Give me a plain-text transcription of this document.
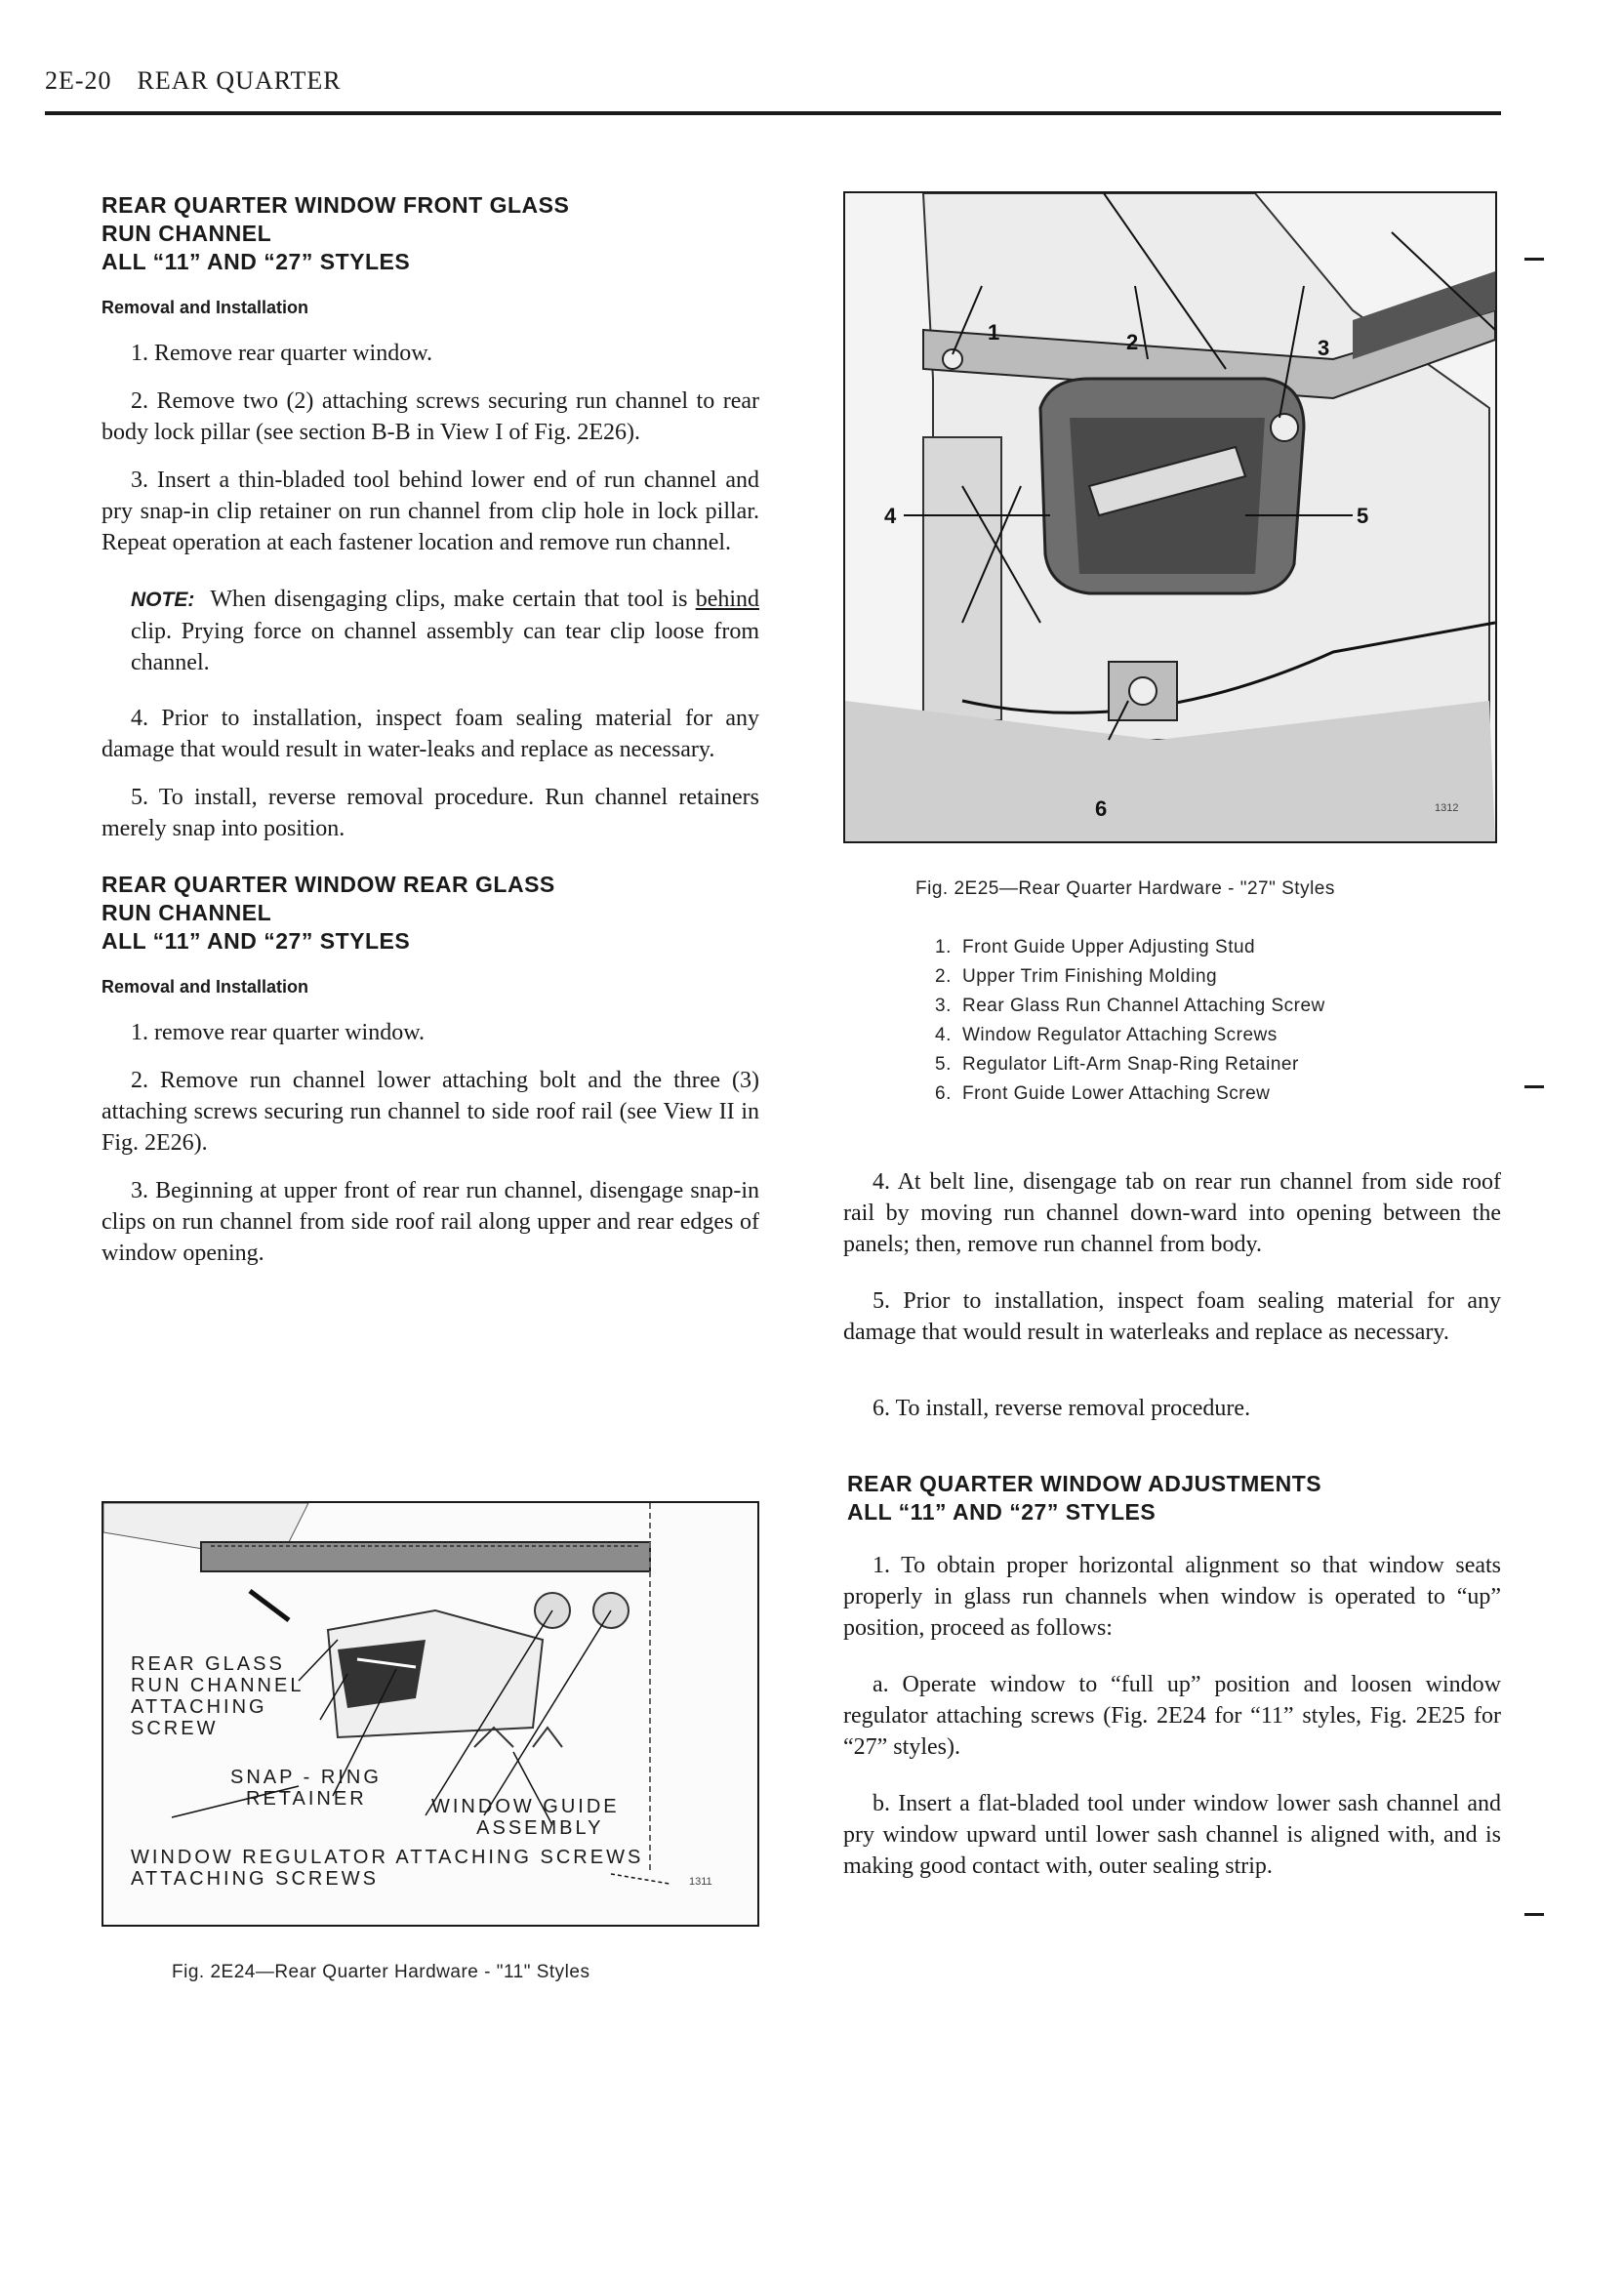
2E-20 REAR QUARTER
REAR QUARTER WINDOW FRONT GLASS
RUN CHANNEL
ALL “11” AND “27” STYLES
Removal and Installation

1. Remove rear quarter window.

2. Remove two (2) attaching screws securing run channel to rear body lock pillar (see section B-B in View I of Fig. 2E26).

3. Insert a thin-bladed tool behind lower end of run channel and pry snap-in clip retainer on run channel from clip hole in lock pillar. Repeat operation at each fastener location and remove run channel.

NOTE: When disengaging clips, make certain that tool is behind clip. Prying force on channel assembly can tear clip loose from channel.

4. Prior to installation, inspect foam sealing material for any damage that would result in water-leaks and replace as necessary.

5. To install, reverse removal procedure. Run channel retainers merely snap into position.

REAR QUARTER WINDOW REAR GLASS
RUN CHANNEL
ALL “11” AND “27” STYLES
Removal and Installation

1. remove rear quarter window.

2. Remove run channel lower attaching bolt and the three (3) attaching screws securing run channel to side roof rail (see View II in Fig. 2E26).

3. Beginning at upper front of rear run channel, disengage snap-in clips on run channel from side roof rail along upper and rear edges of window opening.

1	2	3
4	5
6	1312
Fig. 2E25—Rear Quarter Hardware - "27" Styles
1. Front Guide Upper Adjusting Stud
2. Upper Trim Finishing Molding
3. Rear Glass Run Channel Attaching Screw
4. Window Regulator Attaching Screws
5. Regulator Lift-Arm Snap-Ring Retainer
6. Front Guide Lower Attaching Screw
REAR GLASS
RUN CHANNEL
ATTACHING
SCREW
SNAP - RING
RETAINER	WINDOW GUIDE
ASSEMBLY
WINDOW REGULATOR ATTACHING SCREWS
ATTACHING SCREWS	1311
Fig. 2E24—Rear Quarter Hardware - "11" Styles

4. At belt line, disengage tab on rear run channel from side roof rail by moving run channel down-ward into opening between the panels; then, remove run channel from body.

5. Prior to installation, inspect foam sealing material for any damage that would result in waterleaks and replace as necessary.

6. To install, reverse removal procedure.

REAR QUARTER WINDOW ADJUSTMENTS
ALL “11” AND “27” STYLES

1. To obtain proper horizontal alignment so that window seats properly in glass run channels when window is operated to “up” position, proceed as follows:

a. Operate window to “full up” position and loosen window regulator attaching screws (Fig. 2E24 for “11” styles, Fig. 2E25 for “27” styles).

b. Insert a flat-bladed tool under window lower sash channel and pry window upward until lower sash channel is aligned with, and is making good contact with, outer sealing strip.
